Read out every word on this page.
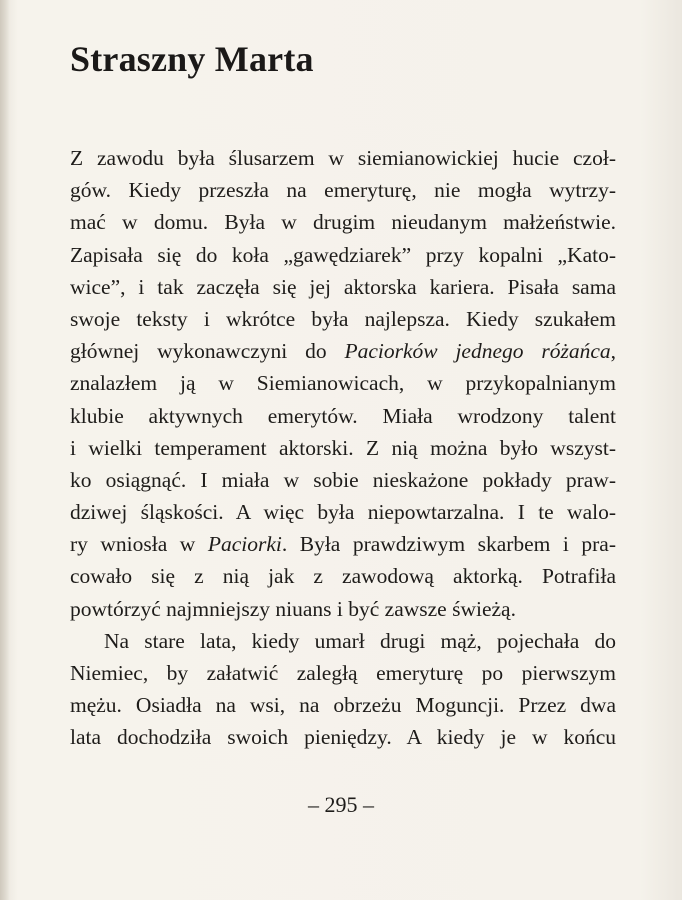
Straszny Marta
Z zawodu była ślusarzem w siemianowickiej hucie czoł-
gów. Kiedy przeszła na emeryturę, nie mogła wytrzy-
mać w domu. Była w drugim nieudanym małżeństwie.
Zapisała się do koła „gawędziarek” przy kopalni „Kato-
wice”, i tak zaczęła się jej aktorska kariera. Pisała sama
swoje teksty i wkrótce była najlepsza. Kiedy szukałem
głównej wykonawczyni do Paciorków jednego różańca,
znalazłem ją w Siemianowicach, w przykopalnianym
klubie aktywnych emerytów. Miała wrodzony talent
i wielki temperament aktorski. Z nią można było wszyst-
ko osiągnąć. I miała w sobie nieskażone pokłady praw-
dziwej śląskości. A więc była niepowtarzalna. I te walo-
ry wniosła w Paciorki. Była prawdziwym skarbem i pra-
cowało się z nią jak z zawodową aktorką. Potrafiła
powtórzyć najmniejszy niuans i być zawsze świeżą.
Na stare lata, kiedy umarł drugi mąż, pojechała do
Niemiec, by załatwić zaległą emeryturę po pierwszym
mężu. Osiadła na wsi, na obrzeżu Moguncji. Przez dwa
lata dochodziła swoich pieniędzy. A kiedy je w końcu
– 295 –
